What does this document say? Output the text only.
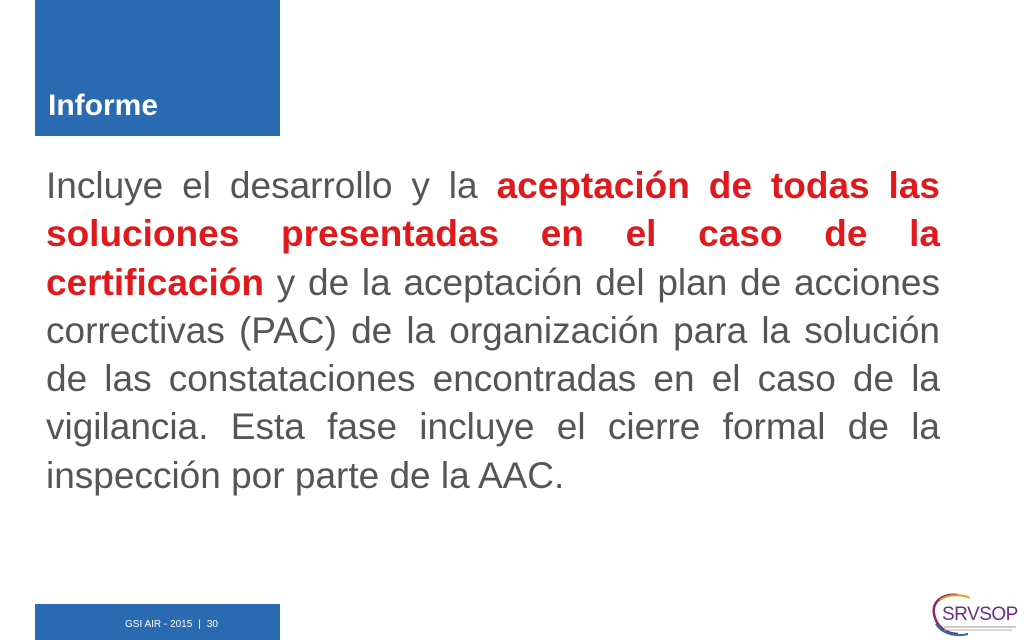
Informe

Incluye el desarrollo y la aceptación de todas las soluciones presentadas en el caso de la certificación y de la aceptación del plan de acciones correctivas (PAC) de la organización para la solución de las constataciones encontradas en el caso de la vigilancia. Esta fase incluye el cierre formal de la inspección por parte de la AAC.

GSI AIR - 2015 | 30	SRVSOP
